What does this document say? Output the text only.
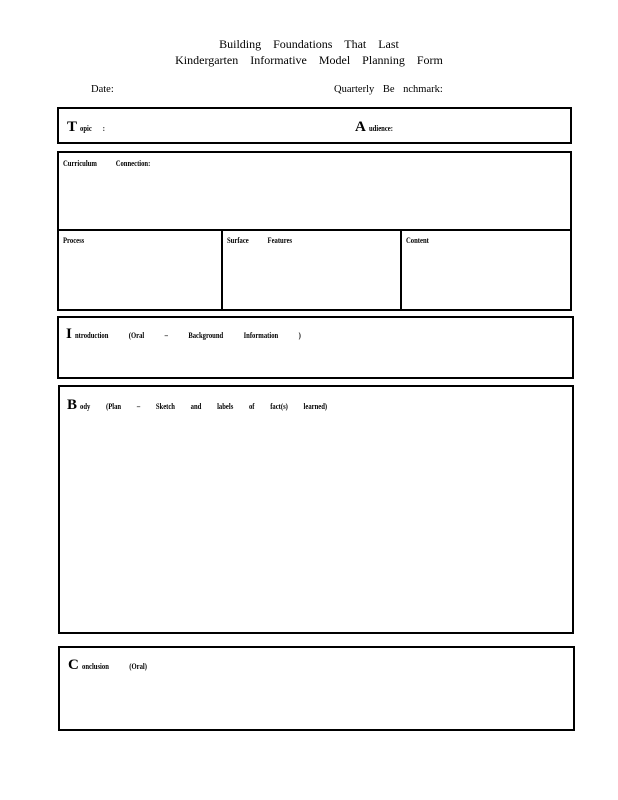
Building Foundations That Last
Kindergarten Informative Model Planning Form
Date:	Quarterly Be nchmark:
T opic :	A udience:
Curriculum Connection:
Process	Surface Features	Content
I ntroduction (Oral – Background Information )
B ody (Plan – Sketch and labels of fact(s) learned)
C onclusion (Oral)
